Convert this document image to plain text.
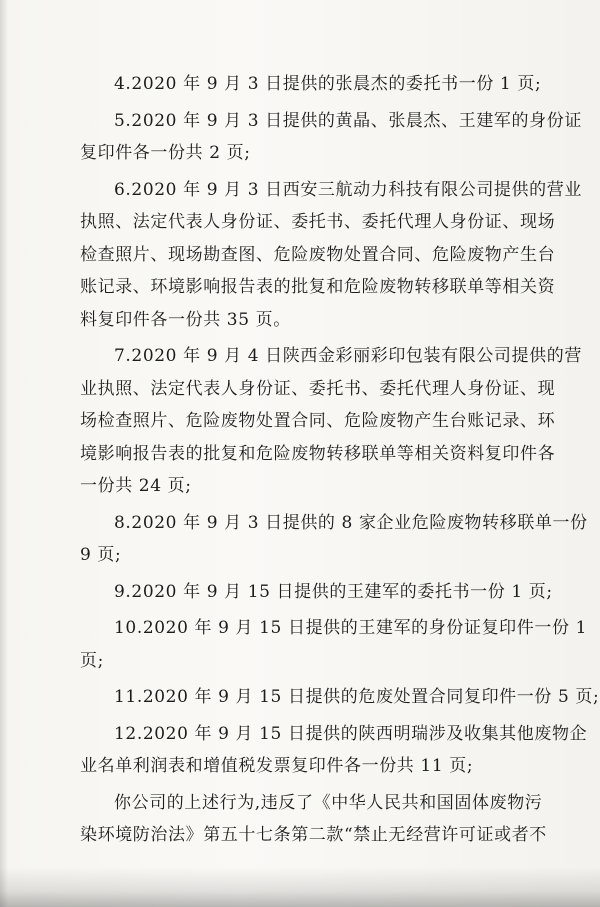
4.2020 年 9 月 3 日提供的张晨杰的委托书一份 1 页;

5.2020 年 9 月 3 日提供的黄晶、张晨杰、王建军的身份证
复印件各一份共 2 页;

6.2020 年 9 月 3 日西安三航动力科技有限公司提供的营业
执照、法定代表人身份证、委托书、委托代理人身份证、现场
检查照片、现场勘查图、危险废物处置合同、危险废物产生台
账记录、环境影响报告表的批复和危险废物转移联单等相关资
料复印件各一份共 35 页。

7.2020 年 9 月 4 日陕西金彩丽彩印包装有限公司提供的营
业执照、法定代表人身份证、委托书、委托代理人身份证、现
场检查照片、危险废物处置合同、危险废物产生台账记录、环
境影响报告表的批复和危险废物转移联单等相关资料复印件各
一份共 24 页;

8.2020 年 9 月 3 日提供的 8 家企业危险废物转移联单一份
9 页;

9.2020 年 9 月 15 日提供的王建军的委托书一份 1 页;

10.2020 年 9 月 15 日提供的王建军的身份证复印件一份 1
页;

11.2020 年 9 月 15 日提供的危废处置合同复印件一份 5 页;

12.2020 年 9 月 15 日提供的陕西明瑞涉及收集其他废物企
业名单利润表和增值税发票复印件各一份共 11 页;

你公司的上述行为,违反了《中华人民共和国固体废物污
染环境防治法》第五十七条第二款“禁止无经营许可证或者不
